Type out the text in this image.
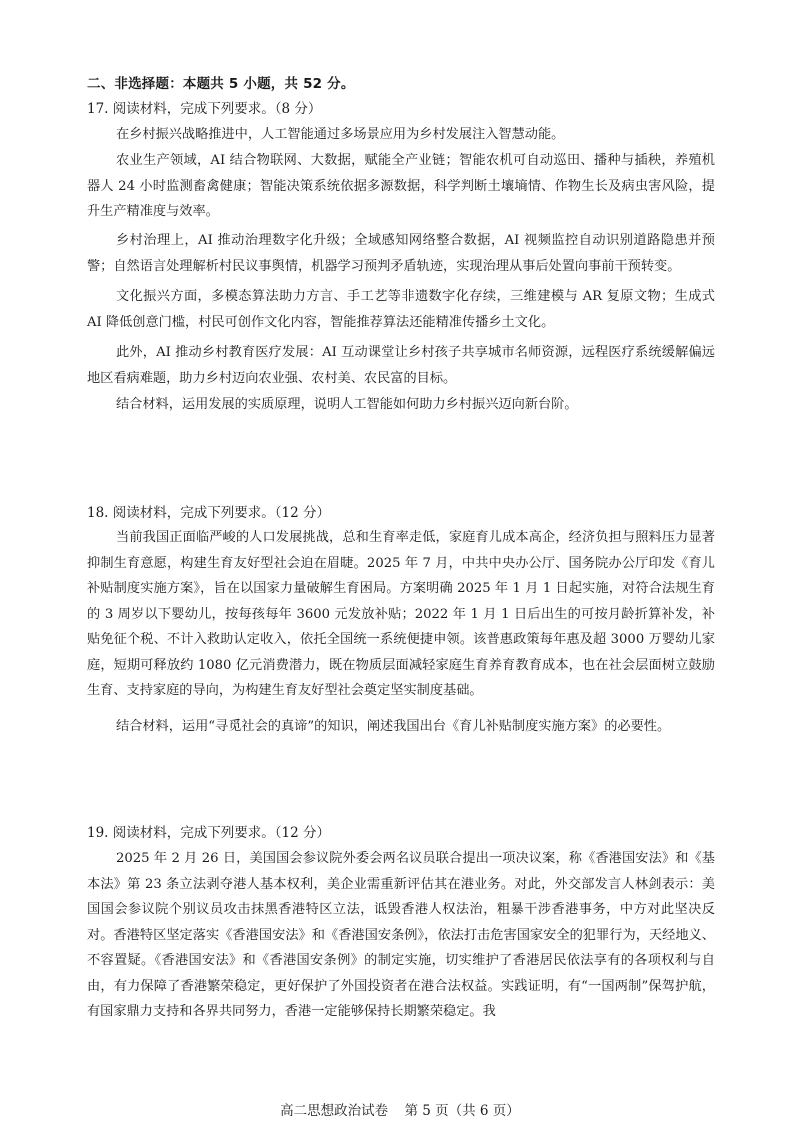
二、非选择题：本题共 5 小题，共 52 分。
17. 阅读材料，完成下列要求。（8 分）

在乡村振兴战略推进中，人工智能通过多场景应用为乡村发展注入智慧动能。

农业生产领域，AI 结合物联网、大数据，赋能全产业链；智能农机可自动巡田、播种与插秧，养殖机器人 24 小时监测畜禽健康；智能决策系统依据多源数据，科学判断土壤墒情、作物生长及病虫害风险，提升生产精准度与效率。

乡村治理上，AI 推动治理数字化升级；全域感知网络整合数据，AI 视频监控自动识别道路隐患并预警；自然语言处理解析村民议事舆情，机器学习预判矛盾轨迹，实现治理从事后处置向事前干预转变。

文化振兴方面，多模态算法助力方言、手工艺等非遗数字化存续，三维建模与 AR 复原文物；生成式 AI 降低创意门槛，村民可创作文化内容，智能推荐算法还能精准传播乡土文化。

此外，AI 推动乡村教育医疗发展：AI 互动课堂让乡村孩子共享城市名师资源，远程医疗系统缓解偏远地区看病难题，助力乡村迈向农业强、农村美、农民富的目标。

结合材料，运用发展的实质原理，说明人工智能如何助力乡村振兴迈向新台阶。

18. 阅读材料，完成下列要求。（12 分）

当前我国正面临严峻的人口发展挑战，总和生育率走低，家庭育儿成本高企，经济负担与照料压力显著抑制生育意愿，构建生育友好型社会迫在眉睫。2025 年 7 月，中共中央办公厅、国务院办公厅印发《育儿补贴制度实施方案》，旨在以国家力量破解生育困局。方案明确 2025 年 1 月 1 日起实施，对符合法规生育的 3 周岁以下婴幼儿，按每孩每年 3600 元发放补贴；2022 年 1 月 1 日后出生的可按月龄折算补发，补贴免征个税、不计入救助认定收入，依托全国统一系统便捷申领。该普惠政策每年惠及超 3000 万婴幼儿家庭，短期可释放约 1080 亿元消费潜力，既在物质层面减轻家庭生育养育教育成本，也在社会层面树立鼓励生育、支持家庭的导向，为构建生育友好型社会奠定坚实制度基础。

结合材料，运用“寻觅社会的真谛”的知识，阐述我国出台《育儿补贴制度实施方案》的必要性。

19. 阅读材料，完成下列要求。（12 分）

2025 年 2 月 26 日，美国国会参议院外委会两名议员联合提出一项决议案，称《香港国安法》和《基本法》第 23 条立法剥夺港人基本权利，美企业需重新评估其在港业务。对此，外交部发言人林剑表示：美国国会参议院个别议员攻击抹黑香港特区立法，诋毁香港人权法治，粗暴干涉香港事务，中方对此坚决反对。香港特区坚定落实《香港国安法》和《香港国安条例》，依法打击危害国家安全的犯罪行为，天经地义、不容置疑。《香港国安法》和《香港国安条例》的制定实施，切实维护了香港居民依法享有的各项权利与自由，有力保障了香港繁荣稳定，更好保护了外国投资者在港合法权益。实践证明，有“一国两制”保驾护航，有国家鼎力支持和各界共同努力，香港一定能够保持长期繁荣稳定。我

高二思想政治试卷 第 5 页（共 6 页）
